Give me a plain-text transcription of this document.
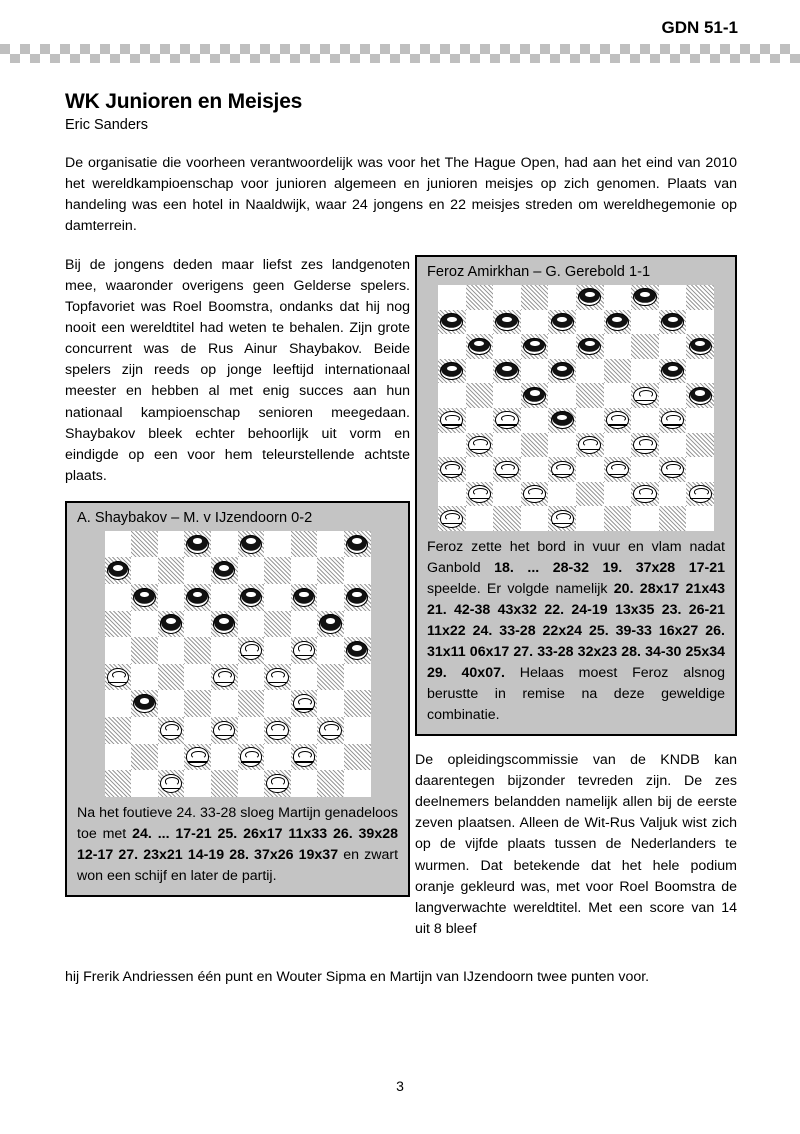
GDN 51-1
WK Junioren en Meisjes
Eric Sanders

De organisatie die voorheen verantwoordelijk was voor het The Hague Open, had aan het eind van 2010 het wereldkampioenschap voor junioren algemeen en junioren meisjes op zich genomen. Plaats van handeling was een hotel in Naaldwijk, waar 24 jongens en 22 meisjes streden om wereldhegemonie op damterrein.

Bij de jongens deden maar liefst zes landgenoten mee, waaronder overigens geen Gelderse spelers. Topfavoriet was Roel Boomstra, ondanks dat hij nog nooit een wereldtitel had weten te behalen. Zijn grote concurrent was de Rus Ainur Shaybakov. Beide spelers zijn reeds op jonge leeftijd internationaal meester en hebben al met enig succes aan hun nationaal kampioenschap senioren meegedaan. Shaybakov bleek echter behoorlijk uit vorm en eindigde op een voor hem teleurstellende achtste plaats.

A. Shaybakov – M. v IJzendoorn 0-2
Na het foutieve 24. 33-28 sloeg Martijn genadeloos toe met 24. ... 17-21 25. 26x17 11x33 26. 39x28 12-17 27. 23x21 14-19 28. 37x26 19x37 en zwart won een schijf en later de partij.
Feroz Amirkhan – G. Gerebold 1-1
Feroz zette het bord in vuur en vlam nadat Ganbold 18. ... 28-32 19. 37x28 17-21 speelde. Er volgde namelijk 20. 28x17 21x43 21. 42-38 43x32 22. 24-19 13x35 23. 26-21 11x22 24. 33-28 22x24 25. 39-33 16x27 26. 31x11 06x17 27. 33-28 32x23 28. 34-30 25x34 29. 40x07. Helaas moest Feroz alsnog berustte in remise na deze geweldige combinatie.

De opleidingscommissie van de KNDB kan daarentegen bijzonder tevreden zijn. De zes deelnemers belandden namelijk allen bij de eerste zeven plaatsen. Alleen de Wit-Rus Valjuk wist zich op de vijfde plaats tussen de Nederlanders te wurmen. Dat betekende dat het hele podium oranje gekleurd was, met voor Roel Boomstra de langverwachte wereldtitel. Met een score van 14 uit 8 bleef

hij Frerik Andriessen één punt en Wouter Sipma en Martijn van IJzendoorn twee punten voor.

3
